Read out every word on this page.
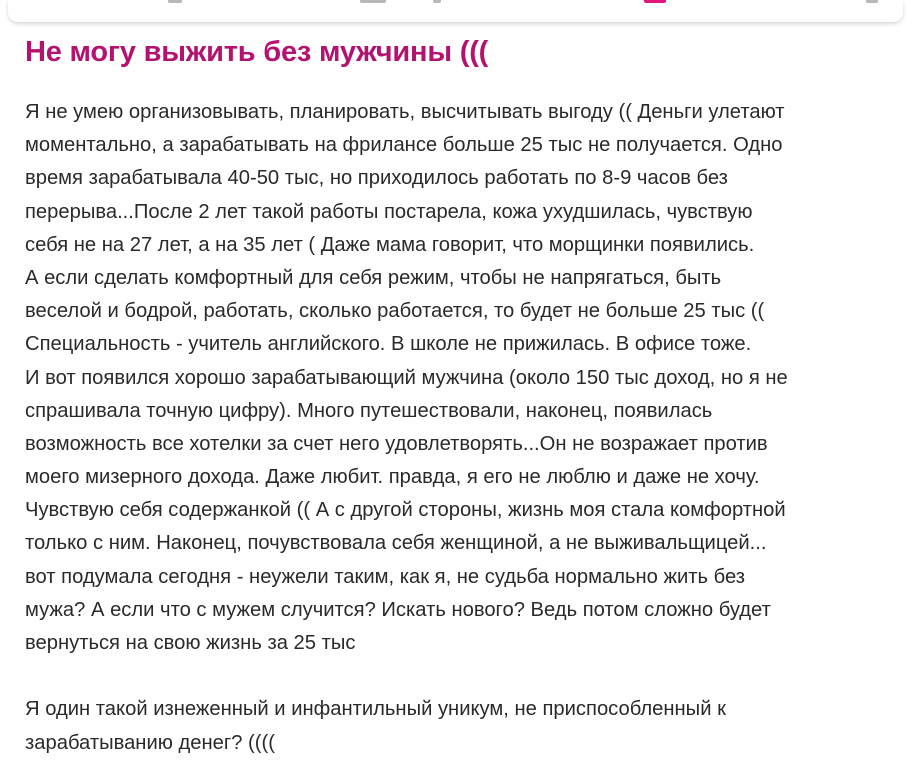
Не могу выжить без мужчины (((
Я не умею организовывать, планировать, высчитывать выгоду (( Деньги улетают
моментально, а зарабатывать на фрилансе больше 25 тыс не получается. Одно
время зарабатывала 40-50 тыс, но приходилось работать по 8-9 часов без
перерыва...После 2 лет такой работы постарела, кожа ухудшилась, чувствую
себя не на 27 лет, а на 35 лет ( Даже мама говорит, что морщинки появились.
А если сделать комфортный для себя режим, чтобы не напрягаться, быть
веселой и бодрой, работать, сколько работается, то будет не больше 25 тыс ((
Специальность - учитель английского. В школе не прижилась. В офисе тоже.
И вот появился хорошо зарабатывающий мужчина (около 150 тыс доход, но я не
спрашивала точную цифру). Много путешествовали, наконец, появилась
возможность все хотелки за счет него удовлетворять...Он не возражает против
моего мизерного дохода. Даже любит. правда, я его не люблю и даже не хочу.
Чувствую себя содержанкой (( А с другой стороны, жизнь моя стала комфортной
только с ним. Наконец, почувствовала себя женщиной, а не выживальщицей...
вот подумала сегодня - неужели таким, как я, не судьба нормально жить без
мужа? А если что с мужем случится? Искать нового? Ведь потом сложно будет
вернуться на свою жизнь за 25 тыс
Я один такой изнеженный и инфантильный уникум, не приспособленный к
зарабатыванию денег? ((((
